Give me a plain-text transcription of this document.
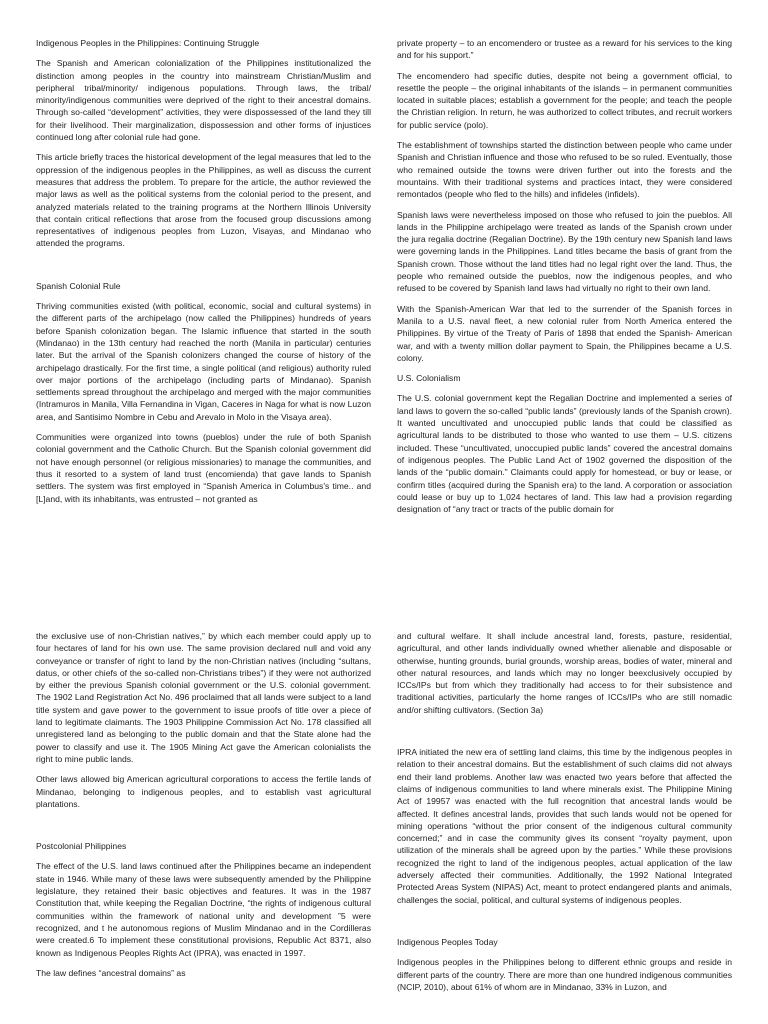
Indigenous Peoples in the Philippines: Continuing Struggle

The Spanish and American colonialization of the Philippines institutionalized the distinction among peoples in the country into mainstream Christian/Muslim and peripheral tribal/minority/ indigenous populations. Through laws, the tribal/ minority/indigenous communities were deprived of the right to their ancestral domains. Through so-called “development” activities, they were dispossessed of the land they till for their livelihood. Their marginalization, dispossession and other forms of injustices continued long after colonial rule had gone.

This article briefly traces the historical development of the legal measures that led to the oppression of the indigenous peoples in the Philippines, as well as discuss the current measures that address the problem. To prepare for the article, the author reviewed the major laws as well as the political systems from the colonial period to the present, and analyzed materials related to the training programs at the Northern Illinois University that contain critical reflections that arose from the focused group discussions among representatives of indigenous peoples from Luzon, Visayas, and Mindanao who attended the programs.

Spanish Colonial Rule

Thriving communities existed (with political, economic, social and cultural systems) in the different parts of the archipelago (now called the Philippines) hundreds of years before Spanish colonization began. The Islamic influence that started in the south (Mindanao) in the 13th century had reached the north (Manila in particular) centuries later. But the arrival of the Spanish colonizers changed the course of history of the archipelago drastically. For the first time, a single political (and religious) authority ruled over major portions of the archipelago (including parts of Mindanao). Spanish settlements spread throughout the archipelago and merged with the major communities (Intramuros in Manila, Villa Fernandina in Vigan, Caceres in Naga for what is now Luzon area, and Santisimo Nombre in Cebu and Arevalo in Molo in the Visaya area).

Communities were organized into towns (pueblos) under the rule of both Spanish colonial government and the Catholic Church. But the Spanish colonial government did not have enough personnel (or religious missionaries) to manage the communities, and thus it resorted to a system of land trust (encomienda) that gave lands to Spanish settlers. The system was first employed in “Spanish America in Columbus's time.. and [L]and, with its inhabitants, was entrusted – not granted as

private property – to an encomendero or trustee as a reward for his services to the king and for his support.”

The encomendero had specific duties, despite not being a government official, to resettle the people – the original inhabitants of the islands – in permanent communities located in suitable places; establish a government for the people; and teach the people the Christian religion. In return, he was authorized to collect tributes, and recruit workers for public service (polo).

The establishment of townships started the distinction between people who came under Spanish and Christian influence and those who refused to be so ruled. Eventually, those who remained outside the towns were driven further out into the forests and the mountains. With their traditional systems and practices intact, they were considered remontados (people who fled to the hills) and infideles (infidels).

Spanish laws were nevertheless imposed on those who refused to join the pueblos. All lands in the Philippine archipelago were treated as lands of the Spanish crown under the jura regalia doctrine (Regalian Doctrine). By the 19th century new Spanish land laws were governing lands in the Philippines. Land titles became the basis of grant from the Spanish crown. Those without the land titles had no legal right over the land. Thus, the people who remained outside the pueblos, now the indigenous peoples, and who refused to be covered by Spanish land laws had virtually no right to their own land.

With the Spanish-American War that led to the surrender of the Spanish forces in Manila to a U.S. naval fleet, a new colonial ruler from North America entered the Philippines. By virtue of the Treaty of Paris of 1898 that ended the Spanish- American war, and with a twenty million dollar payment to Spain, the Philippines became a U.S. colony.

U.S. Colonialism

The U.S. colonial government kept the Regalian Doctrine and implemented a series of land laws to govern the so-called “public lands” (previously lands of the Spanish crown). It wanted uncultivated and unoccupied public lands that could be classified as agricultural lands to be distributed to those who wanted to use them – U.S. citizens included. These “uncultivated, unoccupied public lands” covered the ancestral domains of indigenous peoples. The Public Land Act of 1902 governed the disposition of the lands of the “public domain.” Claimants could apply for homestead, or buy or lease, or confirm titles (acquired during the Spanish era) to the land. A corporation or association could lease or buy up to 1,024 hectares of land. This law had a provision regarding designation of “any tract or tracts of the public domain for

the exclusive use of non-Christian natives,” by which each member could apply up to four hectares of land for his own use. The same provision declared null and void any conveyance or transfer of right to land by the non-Christian natives (including “sultans, datus, or other chiefs of the so-called non-Christians tribes”) if they were not authorized by either the previous Spanish colonial government or the U.S. colonial government. The 1902 Land Registration Act No. 496 proclaimed that all lands were subject to a land title system and gave power to the government to issue proofs of title over a piece of land to legitimate claimants. The 1903 Philippine Commission Act No. 178 classified all unregistered land as belonging to the public domain and that the State alone had the power to classify and use it. The 1905 Mining Act gave the American colonialists the right to mine public lands.

Other laws allowed big American agricultural corporations to access the fertile lands of Mindanao, belonging to indigenous peoples, and to establish vast agricultural plantations.

Postcolonial Philippines

The effect of the U.S. land laws continued after the Philippines became an independent state in 1946. While many of these laws were subsequently amended by the Philippine legislature, they retained their basic objectives and features. It was in the 1987 Constitution that, while keeping the Regalian Doctrine, “the rights of indigenous cultural communities within the framework of national unity and development ”5 were recognized, and t he autonomous regions of Muslim Mindanao and in the Cordilleras were created.6 To implement these constitutional provisions, Republic Act 8371, also known as Indigenous Peoples Rights Act (IPRA), was enacted in 1997.

The law defines “ancestral domains” as

and cultural welfare. It shall include ancestral land, forests, pasture, residential, agricultural, and other lands individually owned whether alienable and disposable or otherwise, hunting grounds, burial grounds, worship areas, bodies of water, mineral and other natural resources, and lands which may no longer beexclusively occupied by ICCs/IPs but from which they traditionally had access to for their subsistence and traditional activities, particularly the home ranges of ICCs/IPs who are still nomadic and/or shifting cultivators. (Section 3a)

IPRA initiated the new era of settling land claims, this time by the indigenous peoples in relation to their ancestral domains. But the establishment of such claims did not always end their land problems. Another law was enacted two years before that affected the claims of indigenous communities to land where minerals exist. The Philippine Mining Act of 19957 was enacted with the full recognition that ancestral lands would be affected. It defines ancestral lands, provides that such lands would not be opened for mining operations “without the prior consent of the indigenous cultural community concerned;” and in case the community gives its consent “royalty payment, upon utilization of the minerals shall be agreed upon by the parties.” While these provisions recognized the right to land of the indigenous peoples, actual application of the law adversely affected their communities. Additionally, the 1992 National Integrated Protected Areas System (NIPAS) Act, meant to protect endangered plants and animals, challenges the social, political, and cultural systems of indigenous peoples.

Indigenous Peoples Today

Indigenous peoples in the Philippines belong to different ethnic groups and reside in different parts of the country. There are more than one hundred indigenous communities (NCIP, 2010), about 61% of whom are in Mindanao, 33% in Luzon, and
